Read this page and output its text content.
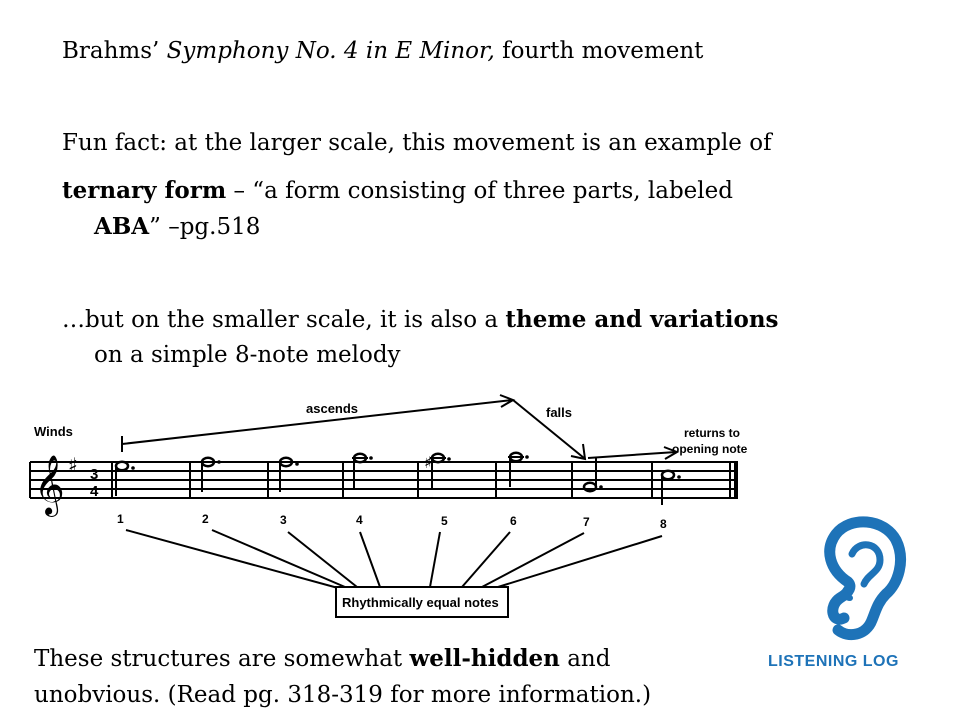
Brahms’ Symphony No. 4 in E Minor, fourth movement

Fun fact: at the larger scale, this movement is an example of

ternary form – “a form consisting of three parts, labeled

ABA” –pg.518

…but on the smaller scale, it is also a theme and variations

on a simple 8-note melody

ascends	falls
returns to
opening note
Winds
𝄞 ♯ 3
4
♯
1	2	3	4	5	6	7	8
Rhythmically equal notes
LISTENING LOG

These structures are somewhat well-hidden and

unobvious. (Read pg. 318-319 for more information.)
